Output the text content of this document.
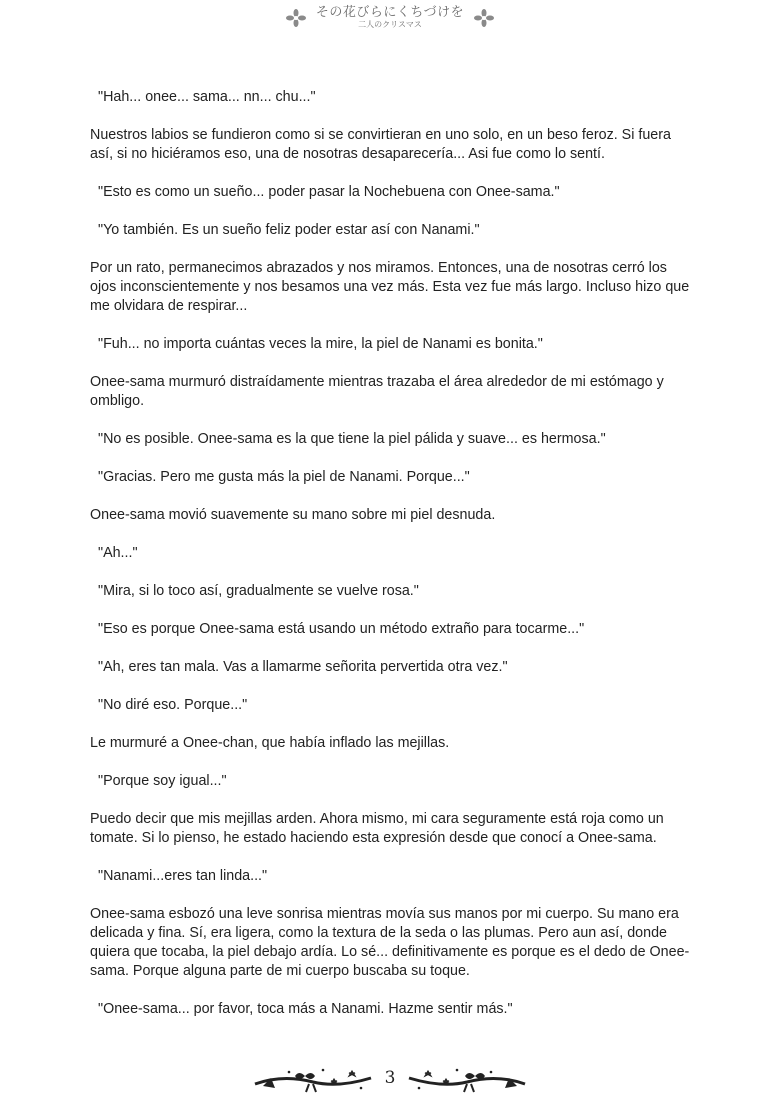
その花びらにくちづけを
二人のクリスマス

"Hah... onee... sama... nn... chu..."

Nuestros labios se fundieron como si se convirtieran en uno solo, en un beso feroz. Si fuera así, si no hiciéramos eso, una de nosotras desaparecería... Asi fue como lo sentí.

"Esto es como un sueño... poder pasar la Nochebuena con Onee-sama."

"Yo también. Es un sueño feliz poder estar así con Nanami."

Por un rato, permanecimos abrazados y nos miramos. Entonces, una de nosotras cerró los ojos inconscientemente y nos besamos una vez más. Esta vez fue más largo. Incluso hizo que me olvidara de respirar...

"Fuh... no importa cuántas veces la mire, la piel de Nanami es bonita."

Onee-sama murmuró distraídamente mientras trazaba el área alrededor de mi estómago y ombligo.

"No es posible. Onee-sama es la que tiene la piel pálida y suave... es hermosa."

"Gracias. Pero me gusta más la piel de Nanami. Porque..."

Onee-sama movió suavemente su mano sobre mi piel desnuda.

"Ah..."

"Mira, si lo toco así, gradualmente se vuelve rosa."

"Eso es porque Onee-sama está usando un método extraño para tocarme..."

"Ah, eres tan mala. Vas a llamarme señorita pervertida otra vez."

"No diré eso. Porque..."

Le murmuré a Onee-chan, que había inflado las mejillas.

"Porque soy igual..."

Puedo decir que mis mejillas arden. Ahora mismo, mi cara seguramente está roja como un tomate. Si lo pienso, he estado haciendo esta expresión desde que conocí a Onee-sama.

"Nanami...eres tan linda..."

Onee-sama esbozó una leve sonrisa mientras movía sus manos por mi cuerpo. Su mano era delicada y fina. Sí, era ligera, como la textura de la seda o las plumas. Pero aun así, donde quiera que tocaba, la piel debajo ardía. Lo sé... definitivamente es porque es el dedo de Onee-sama. Porque alguna parte de mi cuerpo buscaba su toque.

"Onee-sama... por favor, toca más a Nanami. Hazme sentir más."

3
